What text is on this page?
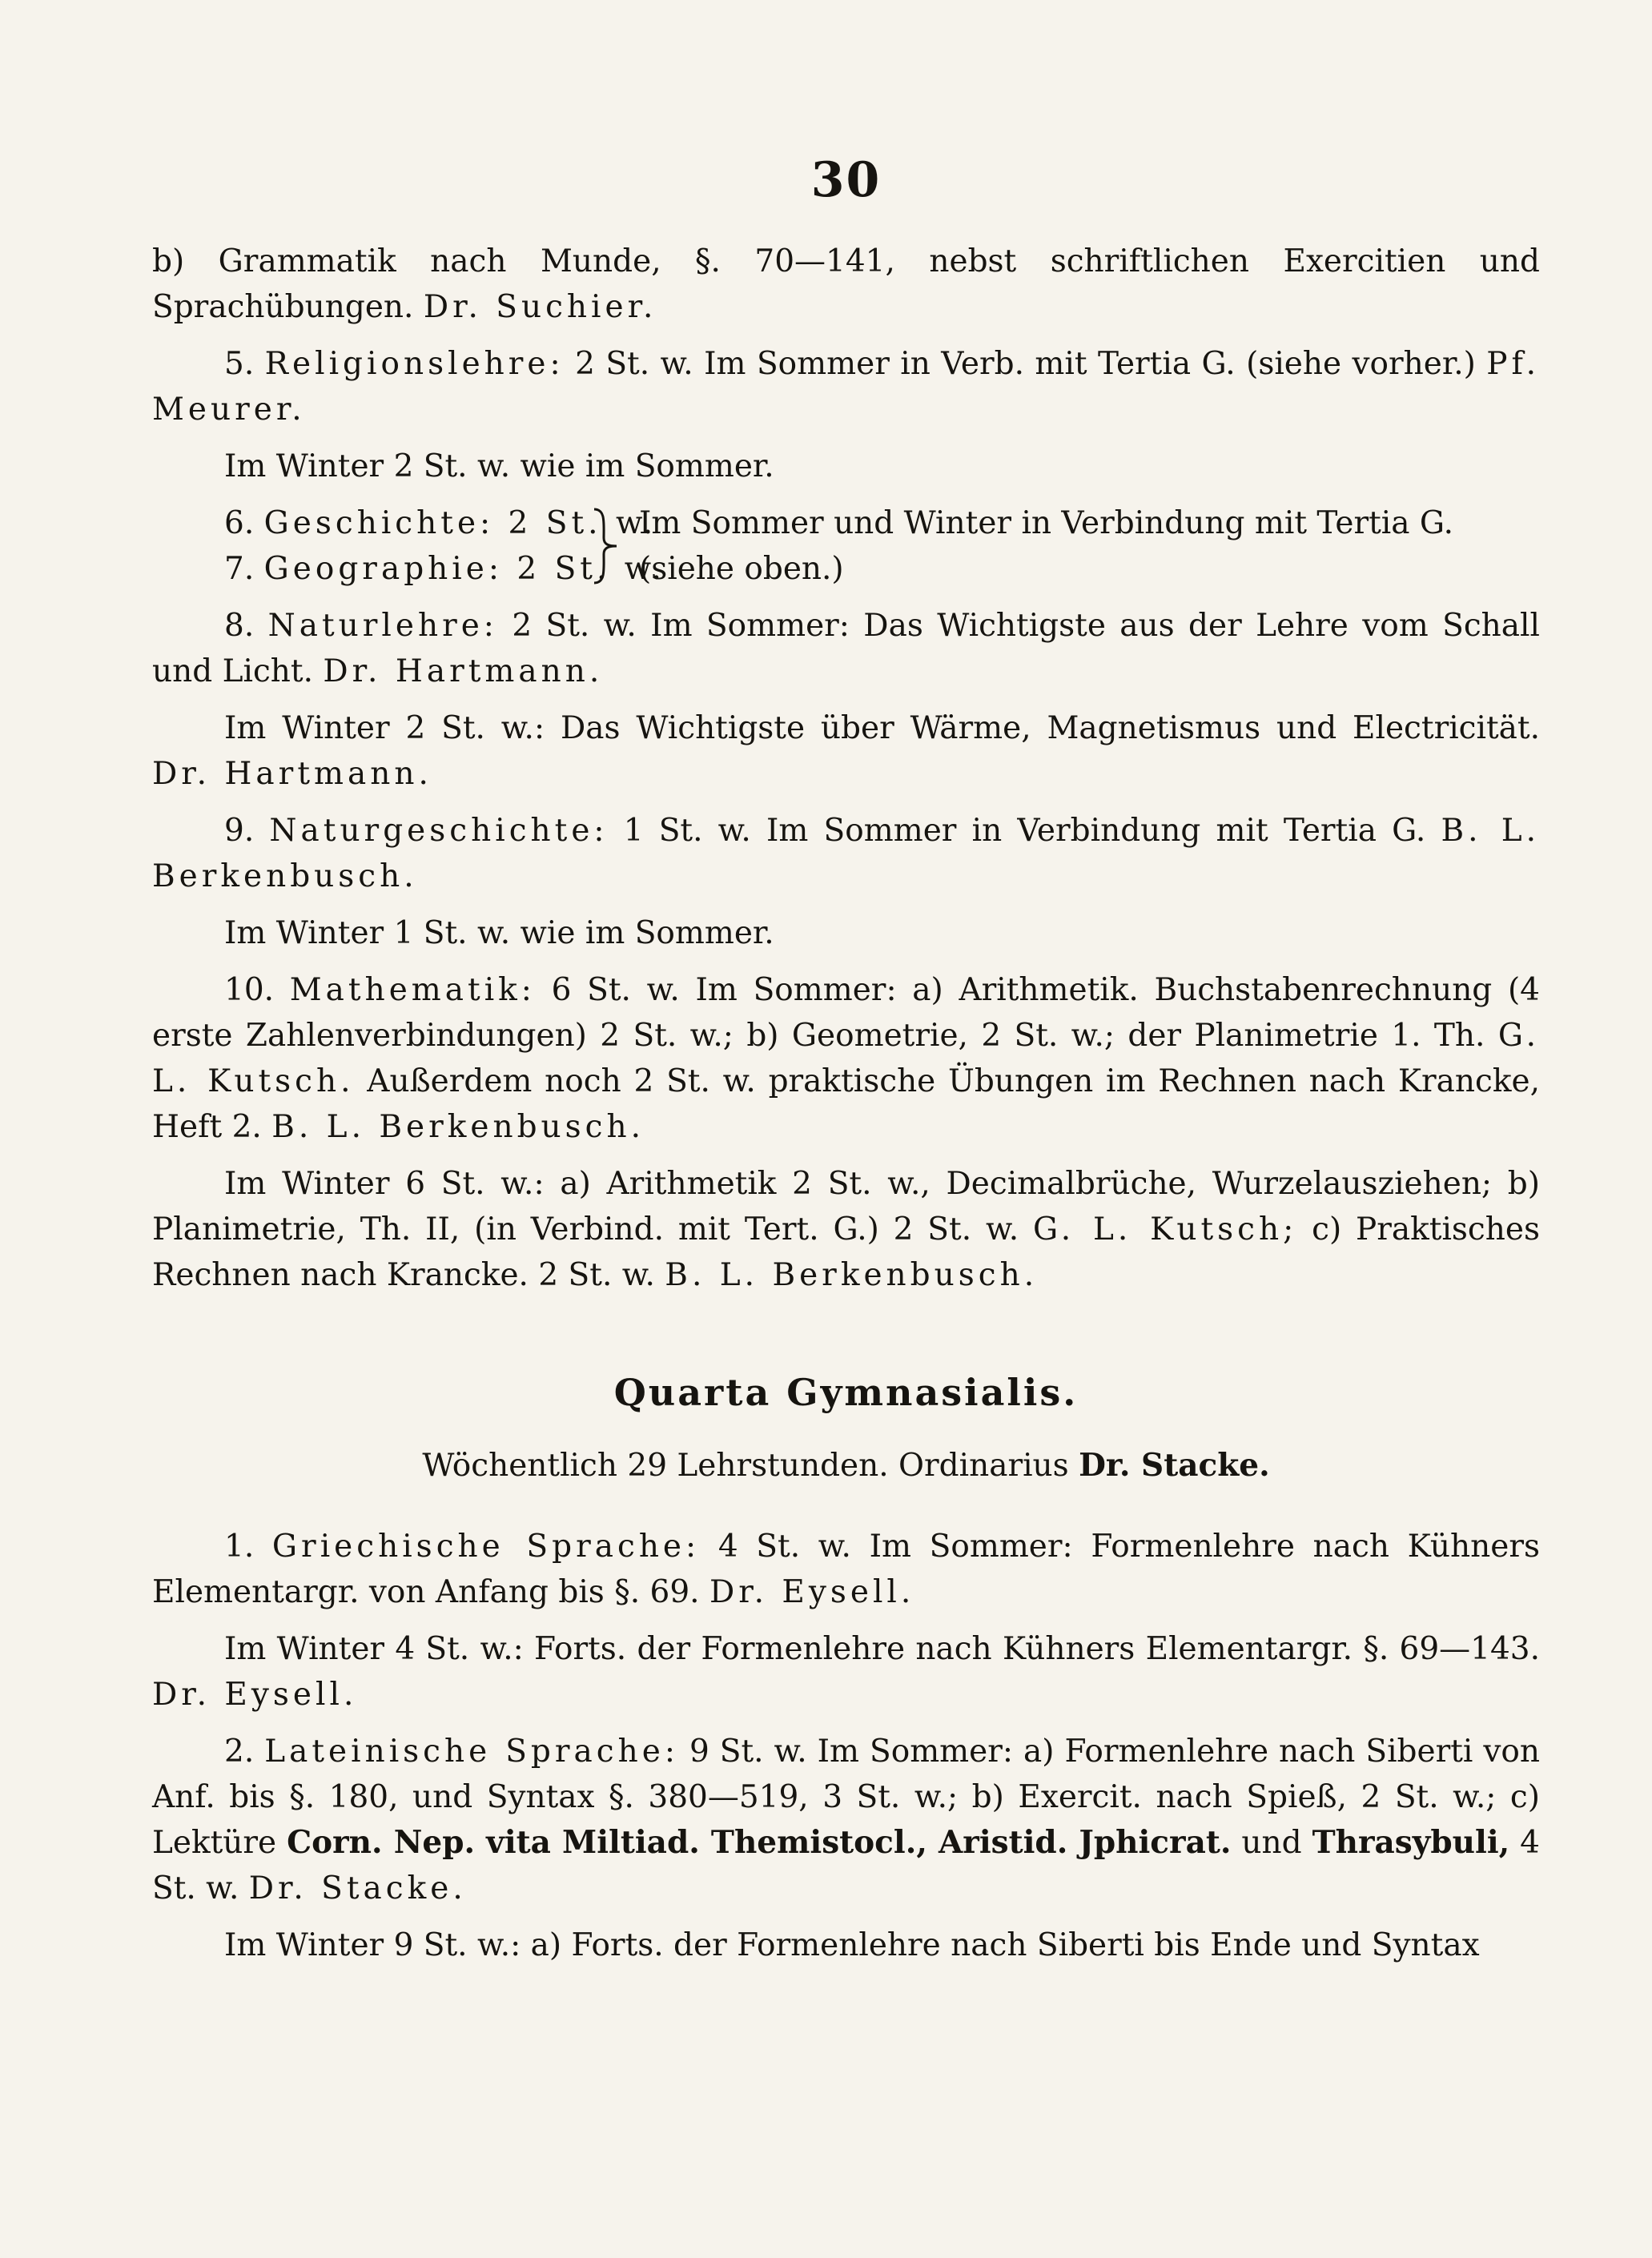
30

b) Grammatik nach Munde, §. 70—141, nebst schriftlichen Exercitien und Sprachübungen. Dr. Suchier.

5. Religionslehre: 2 St. w. Im Sommer in Verb. mit Tertia G. (siehe vorher.) Pf. Meurer.

Im Winter 2 St. w. wie im Sommer.

6. Geschichte: 2 St. w.
7. Geographie: 2 St. w.
Im Sommer und Winter in Verbindung mit Tertia G. (siehe oben.)

8. Naturlehre: 2 St. w. Im Sommer: Das Wichtigste aus der Lehre vom Schall und Licht. Dr. Hartmann.

Im Winter 2 St. w.: Das Wichtigste über Wärme, Magnetismus und Electricität. Dr. Hartmann.

9. Naturgeschichte: 1 St. w. Im Sommer in Verbindung mit Tertia G. B. L. Berkenbusch.

Im Winter 1 St. w. wie im Sommer.

10. Mathematik: 6 St. w. Im Sommer: a) Arithmetik. Buchstabenrechnung (4 erste Zahlenverbindungen) 2 St. w.; b) Geometrie, 2 St. w.; der Planimetrie 1. Th. G. L. Kutsch. Außerdem noch 2 St. w. praktische Übungen im Rechnen nach Krancke, Heft 2. B. L. Berkenbusch.

Im Winter 6 St. w.: a) Arithmetik 2 St. w., Decimalbrüche, Wurzelausziehen; b) Planimetrie, Th. II, (in Verbind. mit Tert. G.) 2 St. w. G. L. Kutsch; c) Praktisches Rechnen nach Krancke. 2 St. w. B. L. Berkenbusch.

Quarta Gymnasialis.
Wöchentlich 29 Lehrstunden. Ordinarius Dr. Stacke.

1. Griechische Sprache: 4 St. w. Im Sommer: Formenlehre nach Kühners Elementargr. von Anfang bis §. 69. Dr. Eysell.

Im Winter 4 St. w.: Forts. der Formenlehre nach Kühners Elementargr. §. 69—143. Dr. Eysell.

2. Lateinische Sprache: 9 St. w. Im Sommer: a) Formenlehre nach Siberti von Anf. bis §. 180, und Syntax §. 380—519, 3 St. w.; b) Exercit. nach Spieß, 2 St. w.; c) Lektüre Corn. Nep. vita Miltiad. Themistocl., Aristid. Jphicrat. und Thrasybuli, 4 St. w. Dr. Stacke.

Im Winter 9 St. w.: a) Forts. der Formenlehre nach Siberti bis Ende und Syntax
